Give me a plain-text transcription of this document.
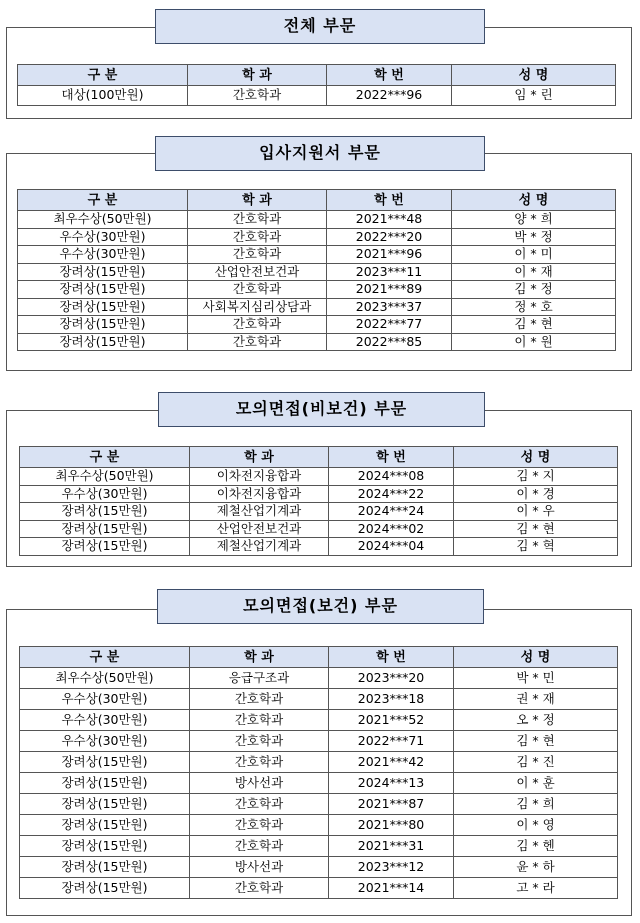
전체 부문
구 분	학 과	학 번	성 명
대상(100만원)	간호학과	2022***96	임 * 린
입사지원서 부문
구 분	학 과	학 번	성 명
최우수상(50만원)	간호학과	2021***48	양 * 희
우수상(30만원)	간호학과	2022***20	박 * 정
우수상(30만원)	간호학과	2021***96	이 * 미
장려상(15만원)	산업안전보건과	2023***11	이 * 재
장려상(15만원)	간호학과	2021***89	김 * 정
장려상(15만원)	사회복지심리상담과	2023***37	정 * 호
장려상(15만원)	간호학과	2022***77	김 * 현
장려상(15만원)	간호학과	2022***85	이 * 원
모의면접(비보건) 부문
구 분	학 과	학 번	성 명
최우수상(50만원)	이차전지융합과	2024***08	김 * 지
우수상(30만원)	이차전지융합과	2024***22	이 * 경
장려상(15만원)	제철산업기계과	2024***24	이 * 우
장려상(15만원)	산업안전보건과	2024***02	김 * 현
장려상(15만원)	제철산업기계과	2024***04	김 * 혁
모의면접(보건) 부문
구 분	학 과	학 번	성 명
최우수상(50만원)	응급구조과	2023***20	박 * 민
우수상(30만원)	간호학과	2023***18	권 * 재
우수상(30만원)	간호학과	2021***52	오 * 정
우수상(30만원)	간호학과	2022***71	김 * 현
장려상(15만원)	간호학과	2021***42	김 * 진
장려상(15만원)	방사선과	2024***13	이 * 훈
장려상(15만원)	간호학과	2021***87	김 * 희
장려상(15만원)	간호학과	2021***80	이 * 영
장려상(15만원)	간호학과	2021***31	김 * 헨
장려상(15만원)	방사선과	2023***12	윤 * 하
장려상(15만원)	간호학과	2021***14	고 * 라
